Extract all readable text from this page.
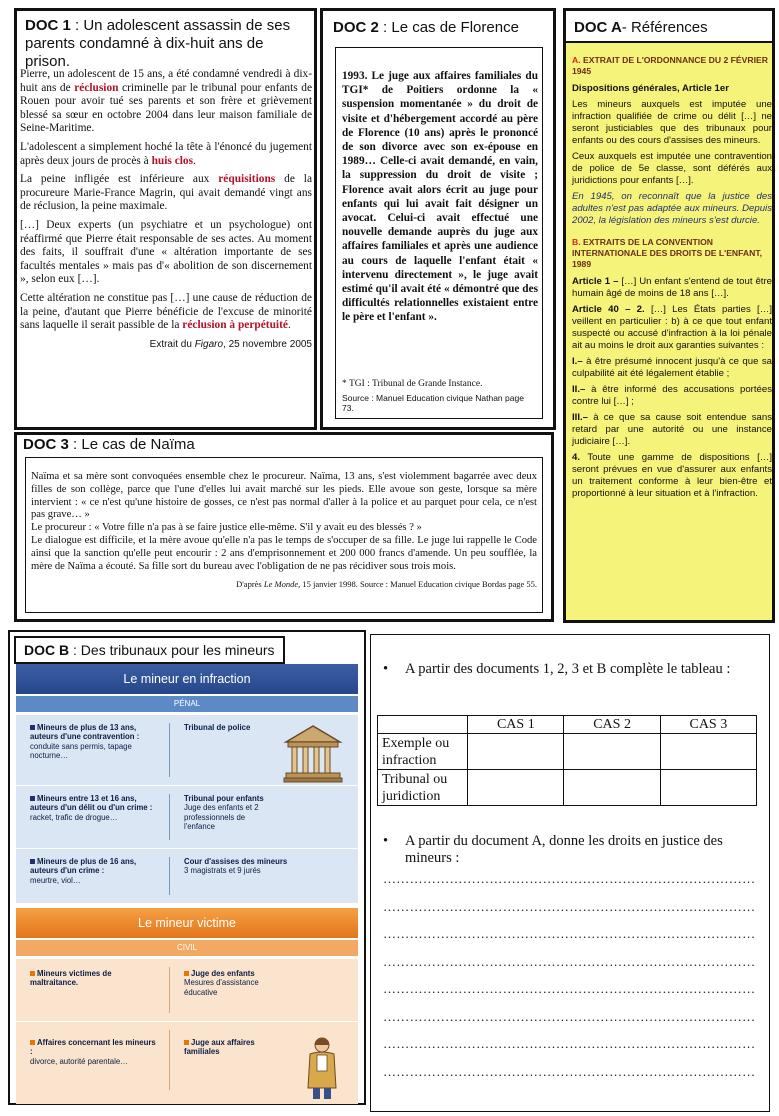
DOC 1 : Un adolescent assassin de ses parents condamné à dix-huit ans de prison.

Pierre, un adolescent de 15 ans, a été condamné vendredi à dix-huit ans de réclusion criminelle par le tribunal pour enfants de Rouen pour avoir tué ses parents et son frère et grièvement blessé sa sœur en octobre 2004 dans leur maison familiale de Seine-Maritime.

L'adolescent a simplement hoché la tête à l'énoncé du jugement après deux jours de procès à huis clos.

La peine infligée est inférieure aux réquisitions de la procureure Marie-France Magrin, qui avait demandé vingt ans de réclusion, la peine maximale.

[…] Deux experts (un psychiatre et un psychologue) ont réaffirmé que Pierre était responsable de ses actes. Au moment des faits, il souffrait d'une « altération importante de ses facultés mentales » mais pas d'« abolition de son discernement », selon eux […].

Cette altération ne constitue pas […] une cause de réduction de la peine, d'autant que Pierre bénéficie de l'excuse de minorité sans laquelle il serait passible de la réclusion à perpétuité.

Extrait du Figaro, 25 novembre 2005
DOC 2 : Le cas de Florence

1993. Le juge aux affaires familiales du TGI* de Poitiers ordonne la « suspension momentanée » du droit de visite et d'hébergement accordé au père de Florence (10 ans) après le prononcé de son divorce avec son ex-épouse en 1989… Celle-ci avait demandé, en vain, la suppression du droit de visite ; Florence avait alors écrit au juge pour enfants qui lui avait fait désigner un avocat. Celui-ci avait effectué une nouvelle demande auprès du juge aux affaires familiales et après une audience au cours de laquelle l'enfant était « intervenu directement », le juge avait estimé qu'il avait été « démontré que des difficultés relationnelles existaient entre le père et l'enfant ».

* TGI : Tribunal de Grande Instance.
Source : Manuel Education civique Nathan page 73.
DOC A- Références
A. EXTRAIT DE L'ORDONNANCE DU 2 FÉVRIER 1945

Dispositions générales, Article 1er

Les mineurs auxquels est imputée une infraction qualifiée de crime ou délit […] ne seront justiciables que des tribunaux pour enfants ou des cours d'assises des mineurs.

Ceux auxquels est imputée une contravention de police de 5e classe, sont déférés aux juridictions pour enfants […].

En 1945, on reconnaît que la justice des adultes n'est pas adaptée aux mineurs. Depuis 2002, la législation des mineurs s'est durcie.

B. EXTRAITS DE LA CONVENTION INTERNATIONALE DES DROITS DE L'ENFANT, 1989

Article 1 – […] Un enfant s'entend de tout être humain âgé de moins de 18 ans […].

Article 40 – 2. […] Les États parties […] veillent en particulier : b) à ce que tout enfant suspecté ou accusé d'infraction à la loi pénale ait au moins le droit aux garanties suivantes :

I.– à être présumé innocent jusqu'à ce que sa culpabilité ait été légalement établie ;

II.– à être informé des accusations portées contre lui […] ;

III.– à ce que sa cause soit entendue sans retard par une autorité ou une instance judiciaire […].

4. Toute une gamme de dispositions […] seront prévues en vue d'assurer aux enfants un traitement conforme à leur bien-être et proportionné à leur situation et à l'infraction.

DOC 3 : Le cas de Naïma

Naïma et sa mère sont convoquées ensemble chez le procureur. Naïma, 13 ans, s'est violemment bagarrée avec deux filles de son collège, parce que l'une d'elles lui avait marché sur les pieds. Elle avoue son geste, lorsque sa mère intervient : « ce n'est qu'une histoire de gosses, ce n'est pas normal d'aller à la police et au parquet pour cela, ce n'est pas grave… »

Le procureur : « Votre fille n'a pas à se faire justice elle-même. S'il y avait eu des blessés ? »

Le dialogue est difficile, et la mère avoue qu'elle n'a pas le temps de s'occuper de sa fille. Le juge lui rappelle le Code ainsi que la sanction qu'elle peut encourir : 2 ans d'emprisonnement et 200 000 francs d'amende. Un peu soufflée, la mère de Naïma a écouté. Sa fille sort du bureau avec l'obligation de ne pas récidiver sous trois mois.

D'après Le Monde, 15 janvier 1998. Source : Manuel Education civique Bordas page 55.
DOC B : Des tribunaux pour les mineurs
Le mineur en infraction
PÉNAL
Mineurs de plus de 13 ans, auteurs d'une contravention :
conduite sans permis, tapage nocturne…
Tribunal de police
Mineurs entre 13 et 16 ans, auteurs d'un délit ou d'un crime :
racket, trafic de drogue…
Tribunal pour enfants
Juge des enfants et 2 professionnels de l'enfance
Mineurs de plus de 16 ans, auteurs d'un crime :
meurtre, viol…
Cour d'assises des mineurs
3 magistrats et 9 jurés
Le mineur victime
CIVIL
Mineurs victimes de maltraitance.
Juge des enfants
Mesures d'assistance éducative
Affaires concernant les mineurs :
divorce, autorité parentale…
Juge aux affaires familiales
• A partir des documents 1, 2, 3 et B complète le tableau :
	CAS 1	CAS 2	CAS 3
Exemple ou infraction			
Tribunal ou juridiction			
• A partir du document A, donne les droits en justice des mineurs :
…………………………………………………………………………
…………………………………………………………………………
…………………………………………………………………………
…………………………………………………………………………
…………………………………………………………………………
…………………………………………………………………………
…………………………………………………………………………
…………………………………………………………………………
